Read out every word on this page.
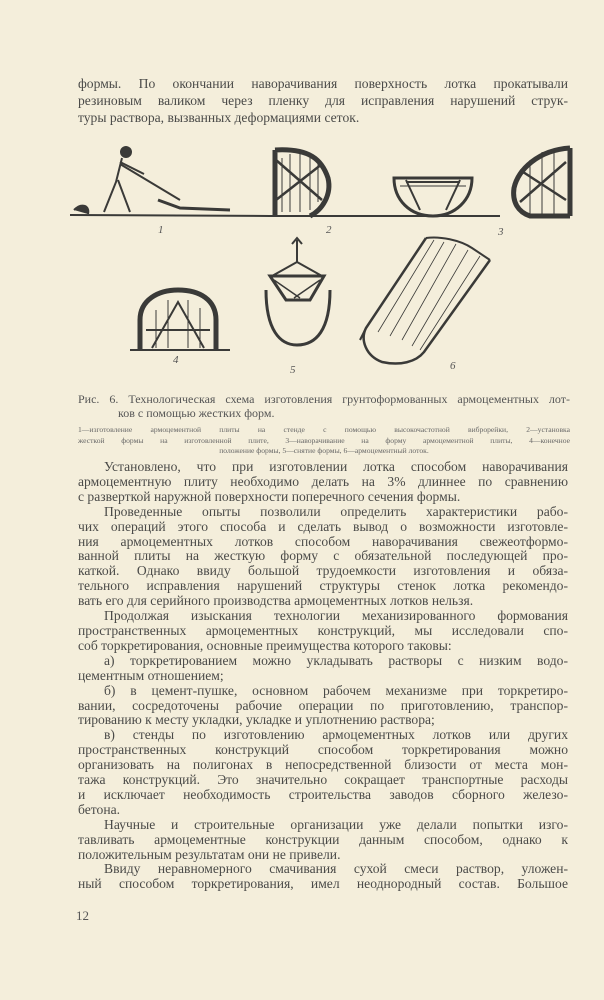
формы. По окончании наворачивания поверхность лотка прокатывали
резиновым валиком через пленку для исправления нарушений струк-
туры раствора, вызванных деформациями сеток.
1	2	3
4
5	6
Рис. 6. Технологическая схема изготовления грунтоформованных армоцементных лот-
ков с помощью жестких форм.
1—изготовление армоцементной плиты на стенде с помощью высокочастотной виброрейки, 2—установка
жесткой формы на изготовленной плите, 3—наворачивание на форму армоцементной плиты, 4—конечное
положение формы, 5—снятие формы, 6—армоцементный лоток.
Установлено, что при изготовлении лотка способом наворачивания
армоцементную плиту необходимо делать на 3% длиннее по сравнению
с разверткой наружной поверхности поперечного сечения формы.
Проведенные опыты позволили определить характеристики рабо-
чих операций этого способа и сделать вывод о возможности изготовле-
ния армоцементных лотков способом наворачивания свежеотформо-
ванной плиты на жесткую форму с обязательной последующей про-
каткой. Однако ввиду большой трудоемкости изготовления и обяза-
тельного исправления нарушений структуры стенок лотка рекомендо-
вать его для серийного производства армоцементных лотков нельзя.
Продолжая изыскания технологии механизированного формования
пространственных армоцементных конструкций, мы исследовали спо-
соб торкретирования, основные преимущества которого таковы:
а) торкретированием можно укладывать растворы с низким водо-
цементным отношением;
б) в цемент-пушке, основном рабочем механизме при торкретиро-
вании, сосредоточены рабочие операции по приготовлению, транспор-
тированию к месту укладки, укладке и уплотнению раствора;
в) стенды по изготовлению армоцементных лотков или других
пространственных конструкций способом торкретирования можно
организовать на полигонах в непосредственной близости от места мон-
тажа конструкций. Это значительно сокращает транспортные расходы
и исключает необходимость строительства заводов сборного железо-
бетона.
Научные и строительные организации уже делали попытки изго-
тавливать армоцементные конструкции данным способом, однако к
положительным результатам они не привели.
Ввиду неравномерного смачивания сухой смеси раствор, уложен-
ный способом торкретирования, имел неоднородный состав. Большое
12
